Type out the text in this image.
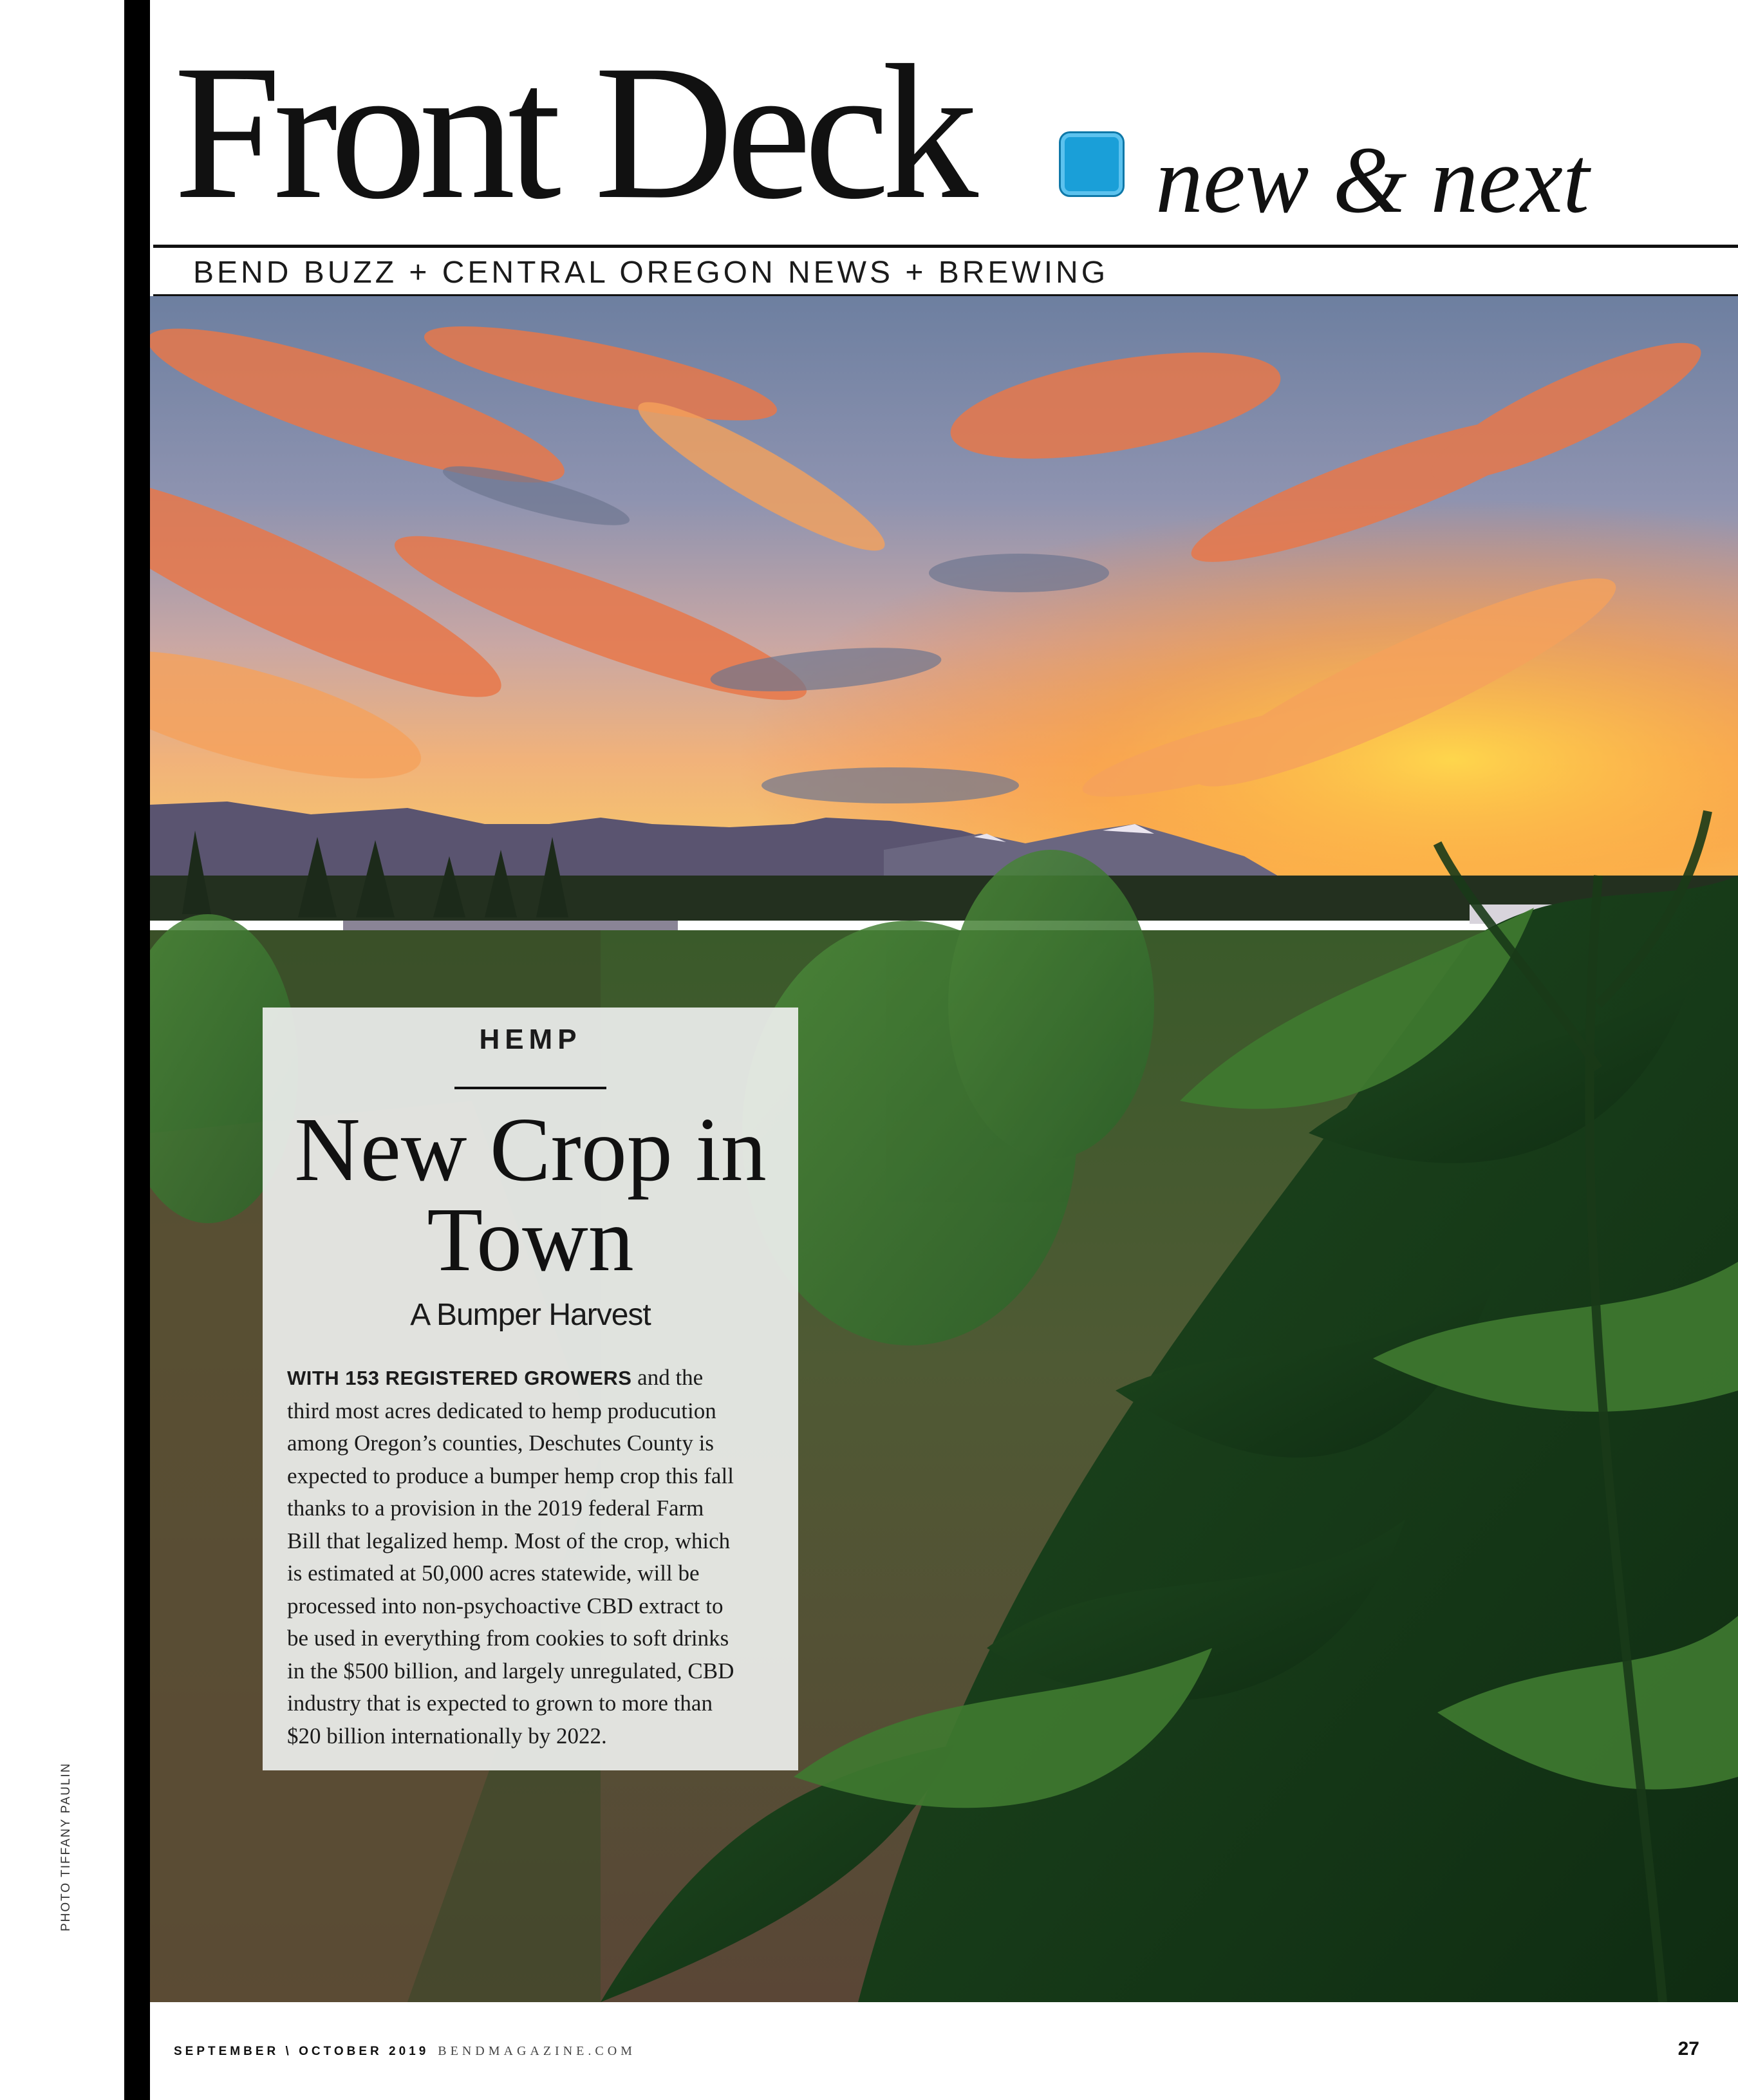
Front Deck new & next
BEND BUZZ + CENTRAL OREGON NEWS + BREWING
HEMP
New Crop in
Town
A Bumper Harvest
WITH 153 REGISTERED GROWERS and the
third most acres dedicated to hemp producution
among Oregon’s counties, Deschutes County is
expected to produce a bumper hemp crop this fall
thanks to a provision in the 2019 federal Farm
Bill that legalized hemp. Most of the crop, which
is estimated at 50,000 acres statewide, will be
processed into non-psychoactive CBD extract to
be used in everything from cookies to soft drinks
in the $500 billion, and largely unregulated, CBD
industry that is expected to grown to more than
$20 billion internationally by 2022.
PHOTO TIFFANY PAULIN
SEPTEMBER \ OCTOBER 2019 BENDMAGAZINE.COM	27
